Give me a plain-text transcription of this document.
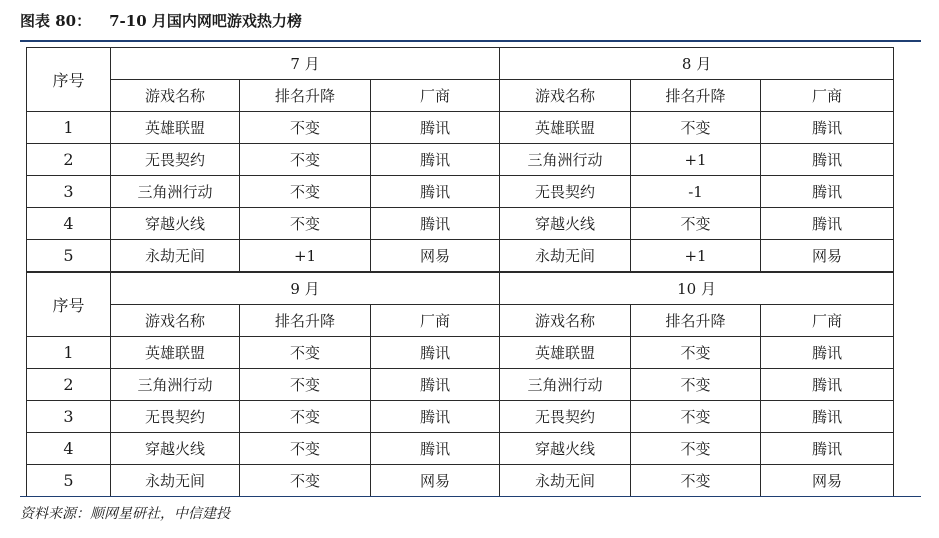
图表 80： 7-10 月国内网吧游戏热力榜
序号	7 月			8 月		
	游戏名称	排名升降	厂商	游戏名称	排名升降	厂商
1	英雄联盟	不变	腾讯	英雄联盟	不变	腾讯
2	无畏契约	不变	腾讯	三角洲行动	+1	腾讯
3	三角洲行动	不变	腾讯	无畏契约	-1	腾讯
4	穿越火线	不变	腾讯	穿越火线	不变	腾讯
5	永劫无间	+1	网易	永劫无间	+1	网易
序号	9 月			10 月		
	游戏名称	排名升降	厂商	游戏名称	排名升降	厂商
1	英雄联盟	不变	腾讯	英雄联盟	不变	腾讯
2	三角洲行动	不变	腾讯	三角洲行动	不变	腾讯
3	无畏契约	不变	腾讯	无畏契约	不变	腾讯
4	穿越火线	不变	腾讯	穿越火线	不变	腾讯
5	永劫无间	不变	网易	永劫无间	不变	网易
资料来源：顺网星研社，中信建投
